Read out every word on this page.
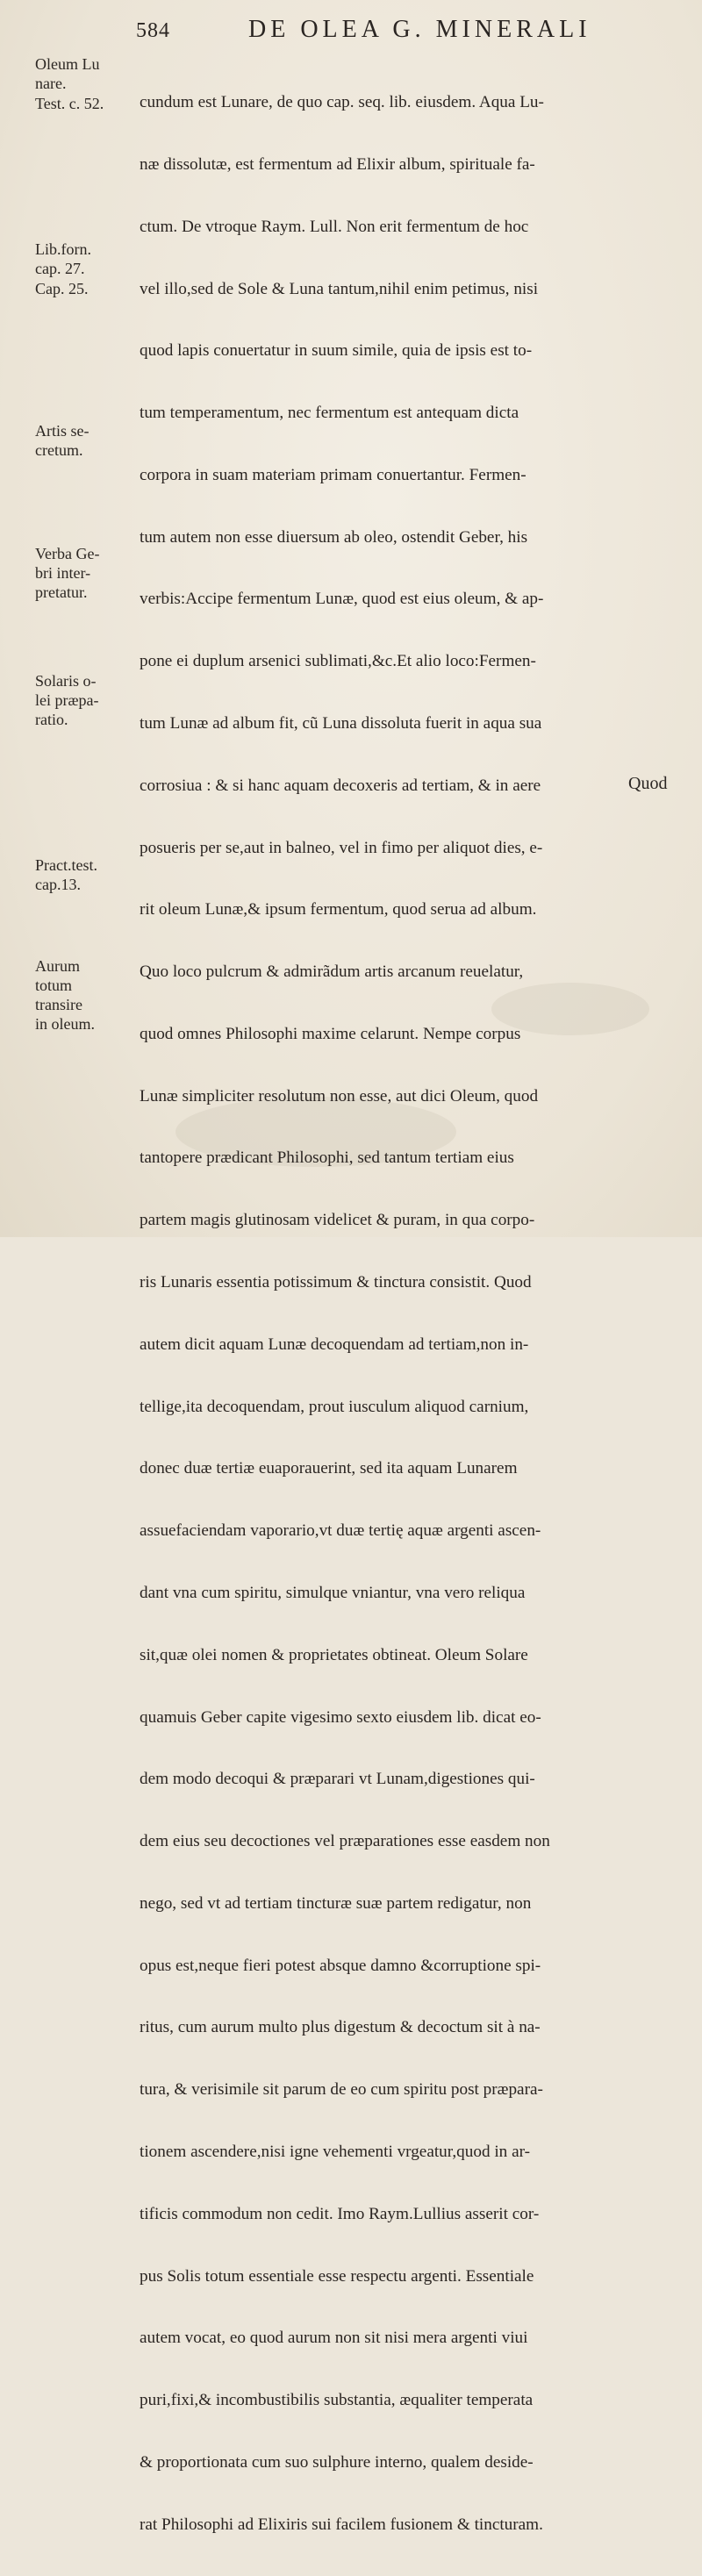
584	DE OLEA G. MINERALI
Oleum Lu
nare.
Test. c. 52.
Lib.forn.
cap. 27.
Cap. 25.
Artis se-
cretum.
Verba Ge-
bri inter-
pretatur.
Solaris o-
lei præpa-
ratio.
Pract.test.
cap.13.
Aurum
totum
transire
in oleum.

cundum est Lunare, de quo cap. seq. lib. eiusdem. Aqua Lu-

næ dissolutæ, est fermentum ad Elixir album, spirituale fa-

ctum. De vtroque Raym. Lull. Non erit fermentum de hoc

vel illo,sed de Sole & Luna tantum,nihil enim petimus, nisi

quod lapis conuertatur in suum simile, quia de ipsis est to-

tum temperamentum, nec fermentum est antequam dicta

corpora in suam materiam primam conuertantur. Fermen-

tum autem non esse diuersum ab oleo, ostendit Geber, his

verbis:Accipe fermentum Lunæ, quod est eius oleum, & ap-

pone ei duplum arsenici sublimati,&c.Et alio loco:Fermen-

tum Lunæ ad album fit, cũ Luna dissoluta fuerit in aqua sua

corrosiua : & si hanc aquam decoxeris ad tertiam, & in aere

posueris per se,aut in balneo, vel in fimo per aliquot dies, e-

rit oleum Lunæ,& ipsum fermentum, quod serua ad album.

Quo loco pulcrum & admirãdum artis arcanum reuelatur,

quod omnes Philosophi maxime celarunt. Nempe corpus

Lunæ simpliciter resolutum non esse, aut dici Oleum, quod

tantopere prædicant Philosophi, sed tantum tertiam eius

partem magis glutinosam videlicet & puram, in qua corpo-

ris Lunaris essentia potissimum & tinctura consistit. Quod

autem dicit aquam Lunæ decoquendam ad tertiam,non in-

tellige,ita decoquendam, prout iusculum aliquod carnium,

donec duæ tertiæ euaporauerint, sed ita aquam Lunarem

assuefaciendam vaporario,vt duæ tertię aquæ argenti ascen-

dant vna cum spiritu, simulque vniantur, vna vero reliqua

sit,quæ olei nomen & proprietates obtineat. Oleum Solare

quamuis Geber capite vigesimo sexto eiusdem lib. dicat eo-

dem modo decoqui & præparari vt Lunam,digestiones qui-

dem eius seu decoctiones vel præparationes esse easdem non

nego, sed vt ad tertiam tincturæ suæ partem redigatur, non

opus est,neque fieri potest absque damno &corruptione spi-

ritus, cum aurum multo plus digestum & decoctum sit à na-

tura, & verisimile sit parum de eo cum spiritu post præpara-

tionem ascendere,nisi igne vehementi vrgeatur,quod in ar-

tificis commodum non cedit. Imo Raym.Lullius asserit cor-

pus Solis totum essentiale esse respectu argenti. Essentiale

autem vocat, eo quod aurum non sit nisi mera argenti viui

puri,fixi,& incombustibilis substantia, æqualiter temperata

& proportionata cum suo sulphure interno, qualem deside-

rat Philosophi ad Elixiris sui facilem fusionem & tincturam.

Quod
